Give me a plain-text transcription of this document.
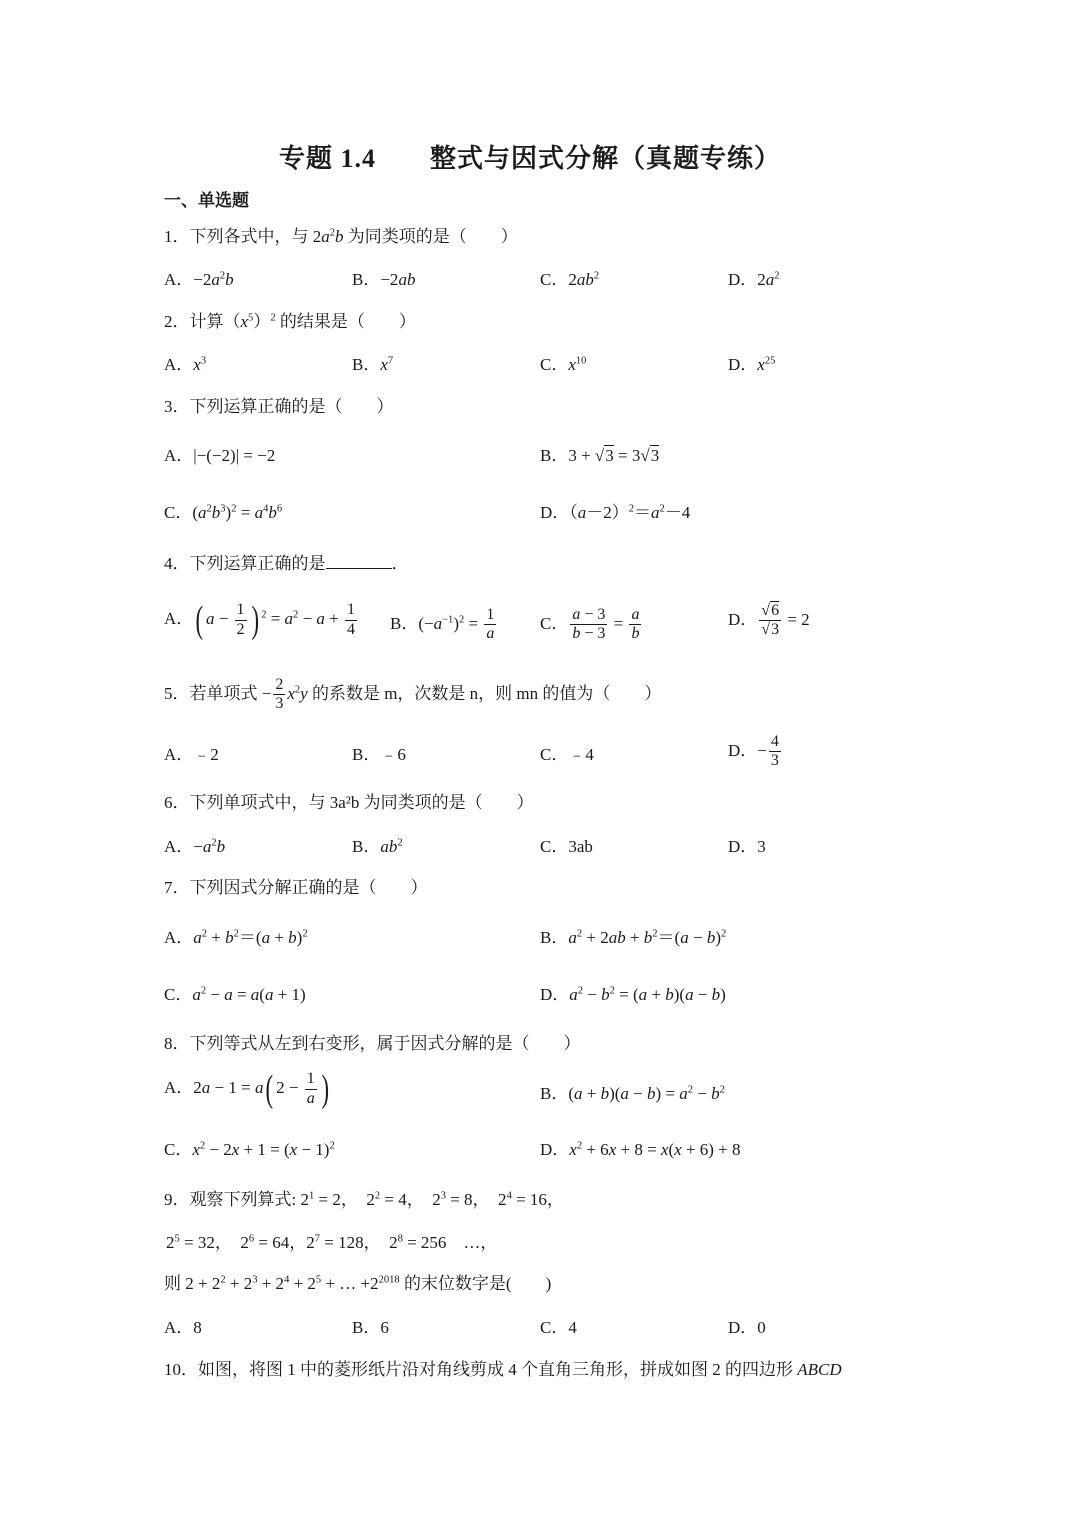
专题 1.4　　整式与因式分解（真题专练）
一、单选题
1．下列各式中，与 $2a^2b$ 为同类项的是（　　）
A．$-2a^2b$	B．−2ab	C．$2ab^2$	D．$2a^2$
2．计算$(x^5)^2$ 的结果是（　　）
A．$x^3$	B．$x^7$	C．$x^{10}$	D．$x^{25}$
3．下列运算正确的是（　　）
A．|−(−2)| = −2	B．3 + √3 = 3√3
C．$(a^2b^3)^2 = a^4b^6$	D．$(a-2)^2=a^2-4$
4．下列运算正确的是	．
A．( $a - \frac{1}{2}$ ) $^2 = a^2 - a + \frac{1}{4}$ B．$(-a^{-1})^2 = \frac{1}{a}$	C． $\frac{a - 3}{b - 3} = \frac{a}{b}$	D． $\frac{√6}{√3} = 2$
5．若单项式 − $\frac{2}{3} x^2y$ 的系数是 m，次数是 n，则 mn 的值为（　　）
A．﹣2	B．﹣6	C．﹣4	D．− $\frac{4}{3}$
6．下列单项式中，与 3a²b 为同类项的是（　　）
A．$-a^2b$	B．$ab^2$	C．3ab	D．3
7．下列因式分解正确的是（　　）
A．$a^2 + b^2=(a + b)^2$	B．$a^2 + 2ab + b^2=(a - b)^2$
C．$a^2 - a = a(a + 1)$	D．$a^2 - b^2 = (a + b)(a - b)$
8．下列等式从左到右变形，属于因式分解的是（　　）
A．2a − 1 = a( $2 - \frac{1}{a}$ )	B．$(a + b)(a - b) = a^2 - b^2$
C．$x^2 - 2x + 1 = (x - 1)^2$	D．$x^2 + 6x + 8 = x(x + 6) + 8$
9．观察下列算式: $2^1 = 2$，　$2^2 = 4$，　$2^3 = 8$，　$2^4 = 16$，
$2^5 = 32$，　$2^6 = 64$，$2^7 = 128$，　$2^8 = 256$　…，
则 $2 + 2^2 + 2^3 + 2^4 + 2^5$ + … $+2^{2018}$ 的末位数字是(　　)
A．8	B．6	C．4	D．0
10．如图，将图 1 中的菱形纸片沿对角线剪成 4 个直角三角形，拼成如图 2 的四边形 ABCD
